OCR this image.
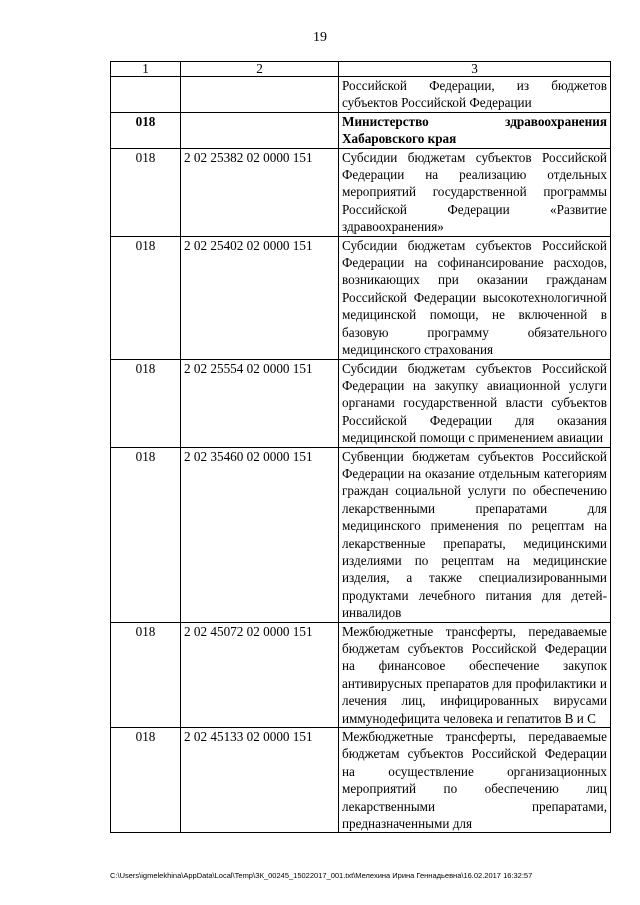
19
1	2	3
		Российской Федерации, из бюджетов субъектов Российской Федерации
018		Министерство здравоохранения Хабаровского края
018	2 02 25382 02 0000 151	Субсидии бюджетам субъектов Российской Федерации на реализацию отдельных мероприятий государственной программы Российской Федерации «Развитие здравоохранения»
018	2 02 25402 02 0000 151	Субсидии бюджетам субъектов Российской Федерации на софинансирование расходов, возникающих при оказании гражданам Российской Федерации высокотехнологичной медицинской помощи, не включенной в базовую программу обязательного медицинского страхования
018	2 02 25554 02 0000 151	Субсидии бюджетам субъектов Российской Федерации на закупку авиационной услуги органами государственной власти субъектов Российской Федерации для оказания медицинской помощи с применением авиации
018	2 02 35460 02 0000 151	Субвенции бюджетам субъектов Российской Федерации на оказание отдельным категориям граждан социальной услуги по обеспечению лекарственными препаратами для медицинского применения по рецептам на лекарственные препараты, медицинскими изделиями по рецептам на медицинские изделия, а также специализированными продуктами лечебного питания для детей-инвалидов
018	2 02 45072 02 0000 151	Межбюджетные трансферты, передаваемые бюджетам субъектов Российской Федерации на финансовое обеспечение закупок антивирусных препаратов для профилактики и лечения лиц, инфицированных вирусами иммунодефицита человека и гепатитов B и C
018	2 02 45133 02 0000 151	Межбюджетные трансферты, передаваемые бюджетам субъектов Российской Федерации на осуществление организационных мероприятий по обеспечению лиц лекарственными препаратами, предназначенными для
C:\Users\igmelekhina\AppData\Local\Temp\ЗК_00245_15022017_001.txt\Мелехина Ирина Геннадьевна\16.02.2017 16:32:57
